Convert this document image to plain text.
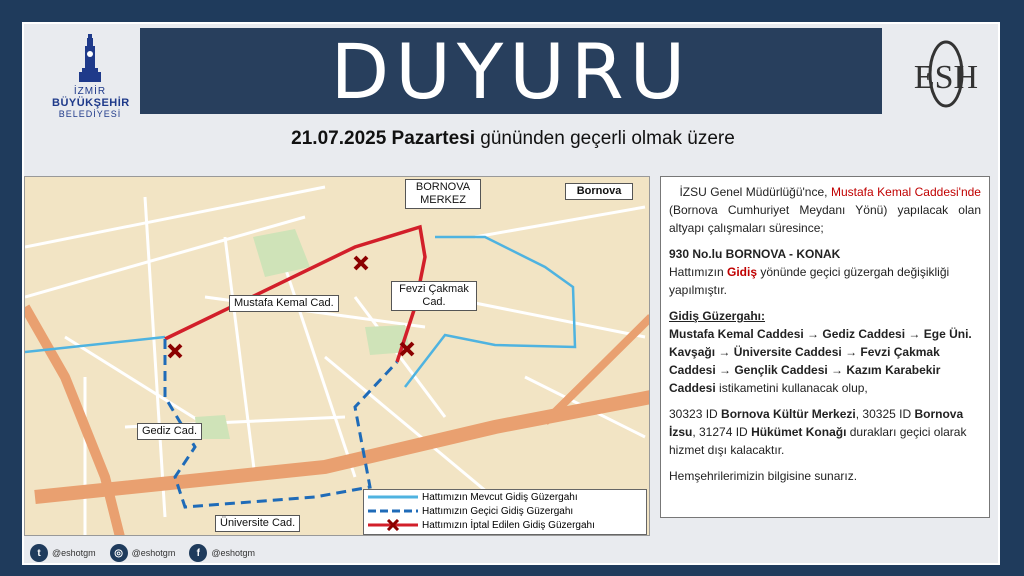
İZMİR
BÜYÜKŞEHİR
BELEDİYESİ	DUYURU	ESH
21.07.2025 Pazartesi gününden geçerli olmak üzere
BORNOVA MERKEZ
Bornova
Mustafa Kemal Cad.
Fevzi Çakmak Cad.
Gediz Cad.
Üniversite Cad.
Hattımızın Mevcut Gidiş Güzergahı
Hattımızın Geçici Gidiş Güzergahı
Hattımızın İptal Edilen Gidiş Güzergahı

İZSU Genel Müdürlüğü'nce, Mustafa Kemal Caddesi'nde (Bornova Cumhuriyet Meydanı Yönü) yapılacak olan altyapı çalışmaları süresince;

930 No.lu BORNOVA - KONAK
Hattımızın Gidiş yönünde geçici güzergah değişikliği yapılmıştır.

Gidiş Güzergahı:
Mustafa Kemal Caddesi → Gediz Caddesi → Ege Üni. Kavşağı → Üniversite Caddesi → Fevzi Çakmak Caddesi → Gençlik Caddesi → Kazım Karabekir Caddesi istikametini kullanacak olup,

30323 ID Bornova Kültür Merkezi, 30325 ID Bornova İzsu, 31274 ID Hükümet Konağı durakları geçici olarak hizmet dışı kalacaktır.

Hemşehrilerimizin bilgisine sunarız.

t	@eshotgm	◎ @eshotgm	f	@eshotgm
